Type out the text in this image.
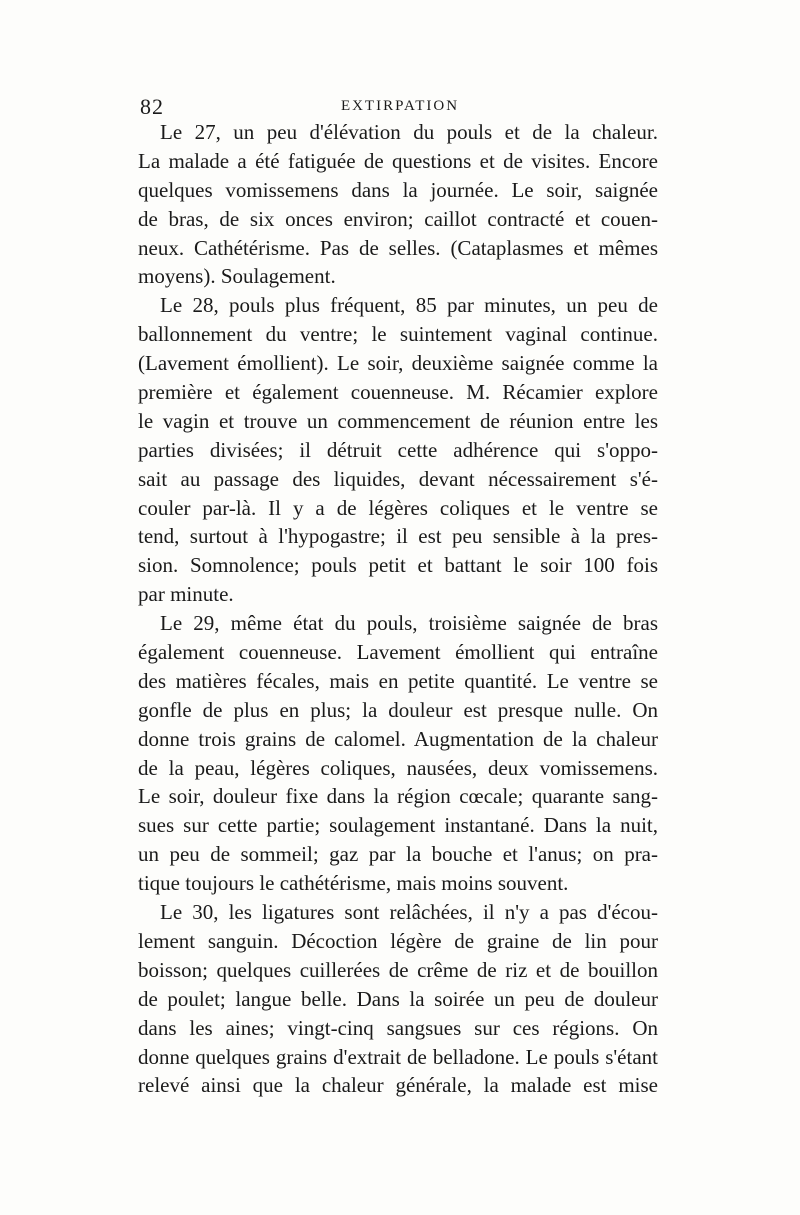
82	EXTIRPATION
Le 27, un peu d'élévation du pouls et de la chaleur.
La malade a été fatiguée de questions et de visites. Encore
quelques vomissemens dans la journée. Le soir, saignée
de bras, de six onces environ; caillot contracté et couen-
neux. Cathétérisme. Pas de selles. (Cataplasmes et mêmes
moyens). Soulagement.
Le 28, pouls plus fréquent, 85 par minutes, un peu de
ballonnement du ventre; le suintement vaginal continue.
(Lavement émollient). Le soir, deuxième saignée comme la
première et également couenneuse. M. Récamier explore
le vagin et trouve un commencement de réunion entre les
parties divisées; il détruit cette adhérence qui s'oppo-
sait au passage des liquides, devant nécessairement s'é-
couler par-là. Il y a de légères coliques et le ventre se
tend, surtout à l'hypogastre; il est peu sensible à la pres-
sion. Somnolence; pouls petit et battant le soir 100 fois
par minute.
Le 29, même état du pouls, troisième saignée de bras
également couenneuse. Lavement émollient qui entraîne
des matières fécales, mais en petite quantité. Le ventre se
gonfle de plus en plus; la douleur est presque nulle. On
donne trois grains de calomel. Augmentation de la chaleur
de la peau, légères coliques, nausées, deux vomissemens.
Le soir, douleur fixe dans la région cœcale; quarante sang-
sues sur cette partie; soulagement instantané. Dans la nuit,
un peu de sommeil; gaz par la bouche et l'anus; on pra-
tique toujours le cathétérisme, mais moins souvent.
Le 30, les ligatures sont relâchées, il n'y a pas d'écou-
lement sanguin. Décoction légère de graine de lin pour
boisson; quelques cuillerées de crême de riz et de bouillon
de poulet; langue belle. Dans la soirée un peu de douleur
dans les aines; vingt-cinq sangsues sur ces régions. On
donne quelques grains d'extrait de belladone. Le pouls s'étant
relevé ainsi que la chaleur générale, la malade est mise
